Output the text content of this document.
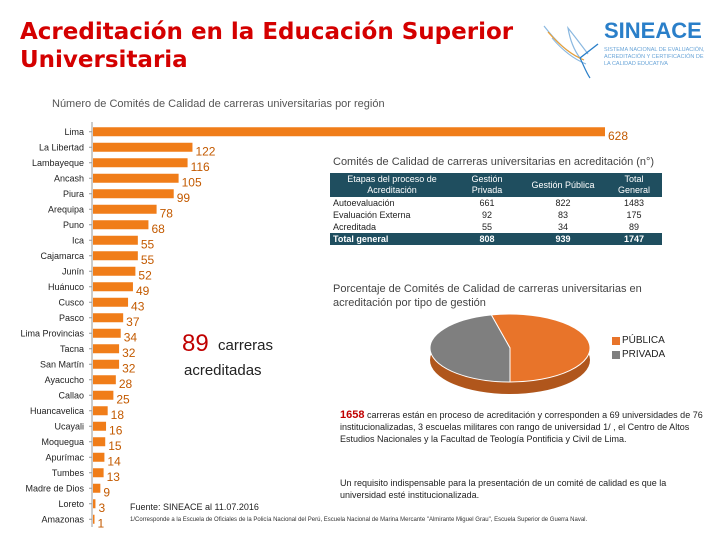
Acreditación en la Educación Superior
Universitaria
SINEACE
SISTEMA NACIONAL DE EVALUACIÓN, ACREDITACIÓN Y CERTIFICACIÓN DE LA CALIDAD EDUCATIVA
Número de Comités de Calidad de carreras universitarias por región
Lima	628
La Libertad	122
Lambayeque	116
Ancash	105
Piura	99
Arequipa	78
Puno	68
Ica	55
Cajamarca	55
Junín	52
Huánuco	49
Cusco	43
Pasco	37
Lima Provincias	34
Tacna	32
San Martín	32
Ayacucho	28
Callao	25
Huancavelica 18
Ucayali 16
Moquegua 15
Apurímac 14
Tumbes 13
Madre de Dios 9
Loreto 3
Amazonas 1
89 carreras
acreditadas
Comités de Calidad de carreras universitarias en acreditación (n°)
Etapas del proceso de Acreditación	Gestión Privada	Gestión Pública	Total General
Autoevaluación	661	822	1483
Evaluación Externa	92	83	175
Acreditada	55	34	89
Total general	808	939	1747
Porcentaje de Comités de Calidad de carreras universitarias en acreditación por tipo de gestión
PÚBLICA
PRIVADA
1658 carreras están en proceso de acreditación y corresponden a 69 universidades de 76 institucionalizadas, 3 escuelas militares con rango de universidad 1/ , el Centro de Altos Estudios Nacionales y la Facultad de Teología Pontificia y Civil de Lima.
Un requisito indispensable para la presentación de un comité de calidad es que la universidad esté institucionalizada.
Fuente: SINEACE al 11.07.2016
1/Corresponde a la Escuela de Oficiales de la Policía Nacional del Perú, Escuela Nacional de Marina Mercante "Almirante Miguel Grau", Escuela Superior de Guerra Naval.
